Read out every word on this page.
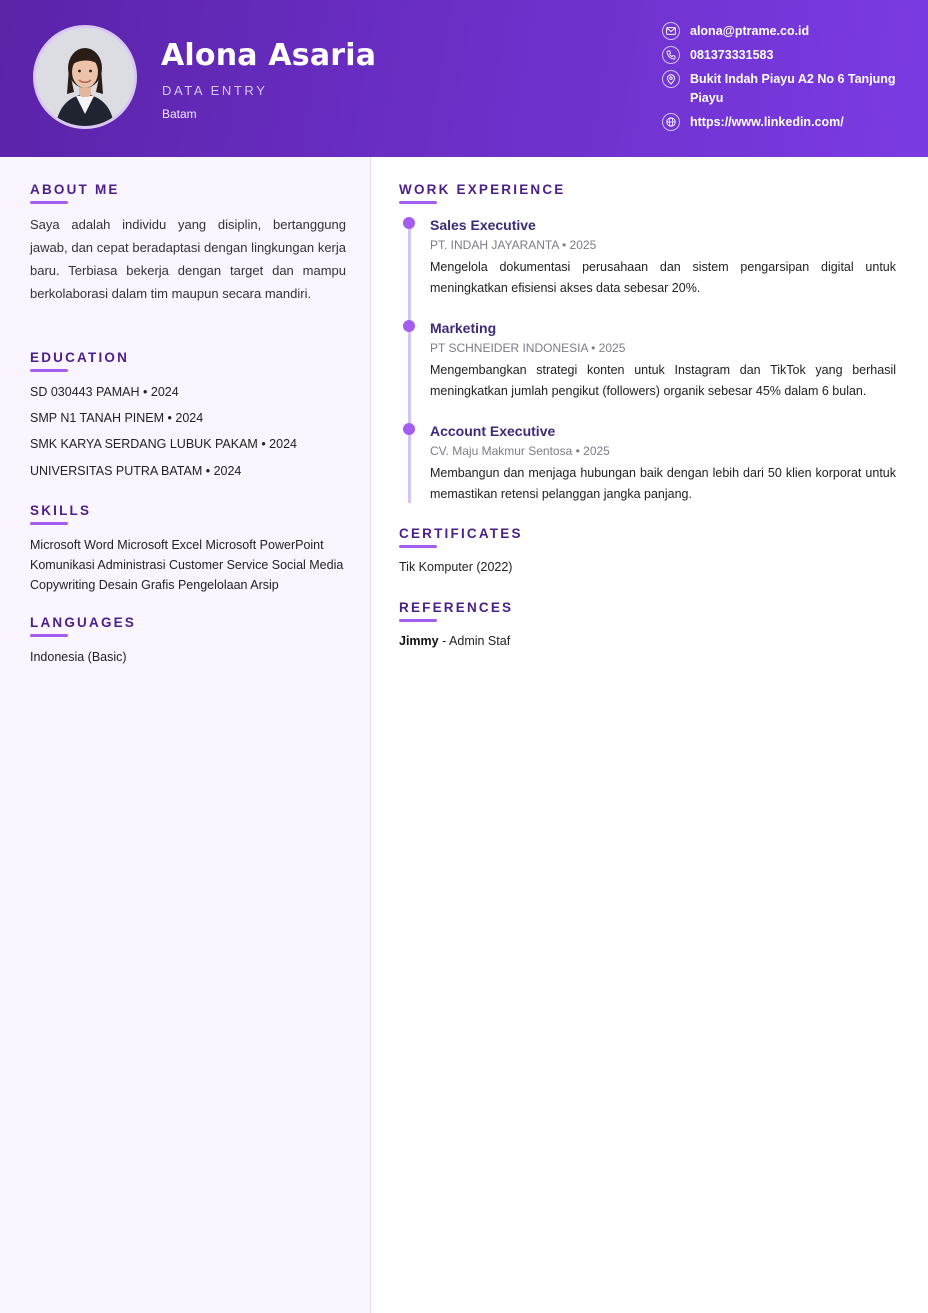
Alona Asaria
DATA ENTRY
Batam
alona@ptrame.co.id
081373331583
Bukit Indah Piayu A2 No 6 Tanjung Piayu
https://www.linkedin.com/
ABOUT ME
Saya adalah individu yang disiplin, bertanggung jawab, dan cepat beradaptasi dengan lingkungan kerja baru. Terbiasa bekerja dengan target dan mampu berkolaborasi dalam tim maupun secara mandiri.
EDUCATION
SD 030443 PAMAH • 2024
SMP N1 TANAH PINEM • 2024
SMK KARYA SERDANG LUBUK PAKAM • 2024
UNIVERSITAS PUTRA BATAM • 2024
SKILLS
Microsoft Word Microsoft Excel Microsoft PowerPoint Komunikasi Administrasi Customer Service Social Media Copywriting Desain Grafis Pengelolaan Arsip
LANGUAGES
Indonesia (Basic)
WORK EXPERIENCE
Sales Executive
PT. INDAH JAYARANTA • 2025
Mengelola dokumentasi perusahaan dan sistem pengarsipan digital untuk meningkatkan efisiensi akses data sebesar 20%.
Marketing
PT SCHNEIDER INDONESIA • 2025
Mengembangkan strategi konten untuk Instagram dan TikTok yang berhasil meningkatkan jumlah pengikut (followers) organik sebesar 45% dalam 6 bulan.
Account Executive
CV. Maju Makmur Sentosa • 2025
Membangun dan menjaga hubungan baik dengan lebih dari 50 klien korporat untuk memastikan retensi pelanggan jangka panjang.
CERTIFICATES
Tik Komputer (2022)
REFERENCES
Jimmy - Admin Staf
